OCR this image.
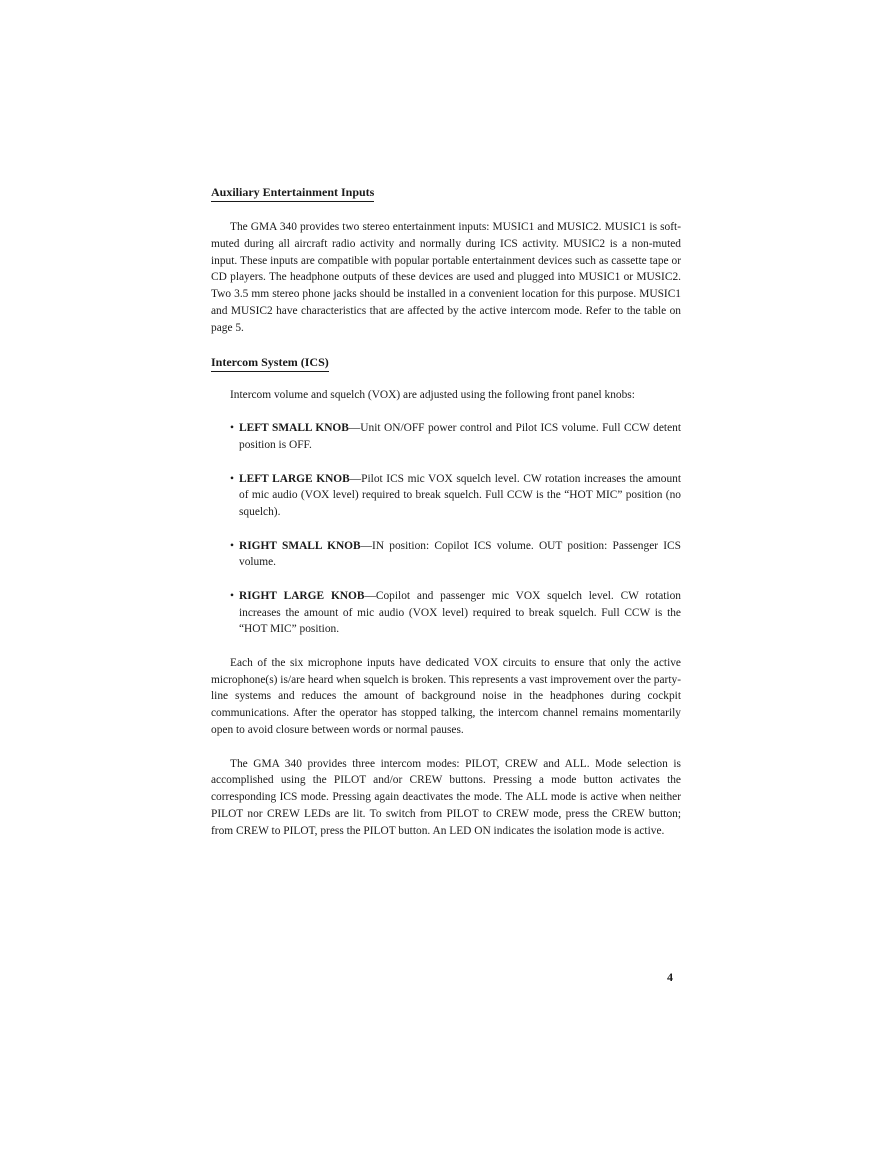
Auxiliary Entertainment Inputs

The GMA 340 provides two stereo entertainment inputs: MUSIC1 and MUSIC2. MUSIC1 is soft-muted during all aircraft radio activity and normally during ICS activity. MUSIC2 is a non-muted input. These inputs are compatible with popular portable entertainment devices such as cassette tape or CD players. The headphone outputs of these devices are used and plugged into MUSIC1 or MUSIC2. Two 3.5 mm stereo phone jacks should be installed in a convenient location for this purpose. MUSIC1 and MUSIC2 have characteristics that are affected by the active intercom mode. Refer to the table on page 5.

Intercom System (ICS)

Intercom volume and squelch (VOX) are adjusted using the following front panel knobs:

• LEFT SMALL KNOB—Unit ON/OFF power control and Pilot ICS volume. Full CCW detent position is OFF.
• LEFT LARGE KNOB—Pilot ICS mic VOX squelch level. CW rotation increases the amount of mic audio (VOX level) required to break squelch. Full CCW is the “HOT MIC” position (no squelch).
• RIGHT SMALL KNOB—IN position: Copilot ICS volume. OUT position: Passenger ICS volume.
• RIGHT LARGE KNOB—Copilot and passenger mic VOX squelch level. CW rotation increases the amount of mic audio (VOX level) required to break squelch. Full CCW is the “HOT MIC” position.

Each of the six microphone inputs have dedicated VOX circuits to ensure that only the active microphone(s) is/are heard when squelch is broken. This represents a vast improvement over the party-line systems and reduces the amount of background noise in the headphones during cockpit communications. After the operator has stopped talking, the intercom channel remains momentarily open to avoid closure between words or normal pauses.

The GMA 340 provides three intercom modes: PILOT, CREW and ALL. Mode selection is accomplished using the PILOT and/or CREW buttons. Pressing a mode button activates the corresponding ICS mode. Pressing again deactivates the mode. The ALL mode is active when neither PILOT nor CREW LEDs are lit. To switch from PILOT to CREW mode, press the CREW button; from CREW to PILOT, press the PILOT button. An LED ON indicates the isolation mode is active.

4
